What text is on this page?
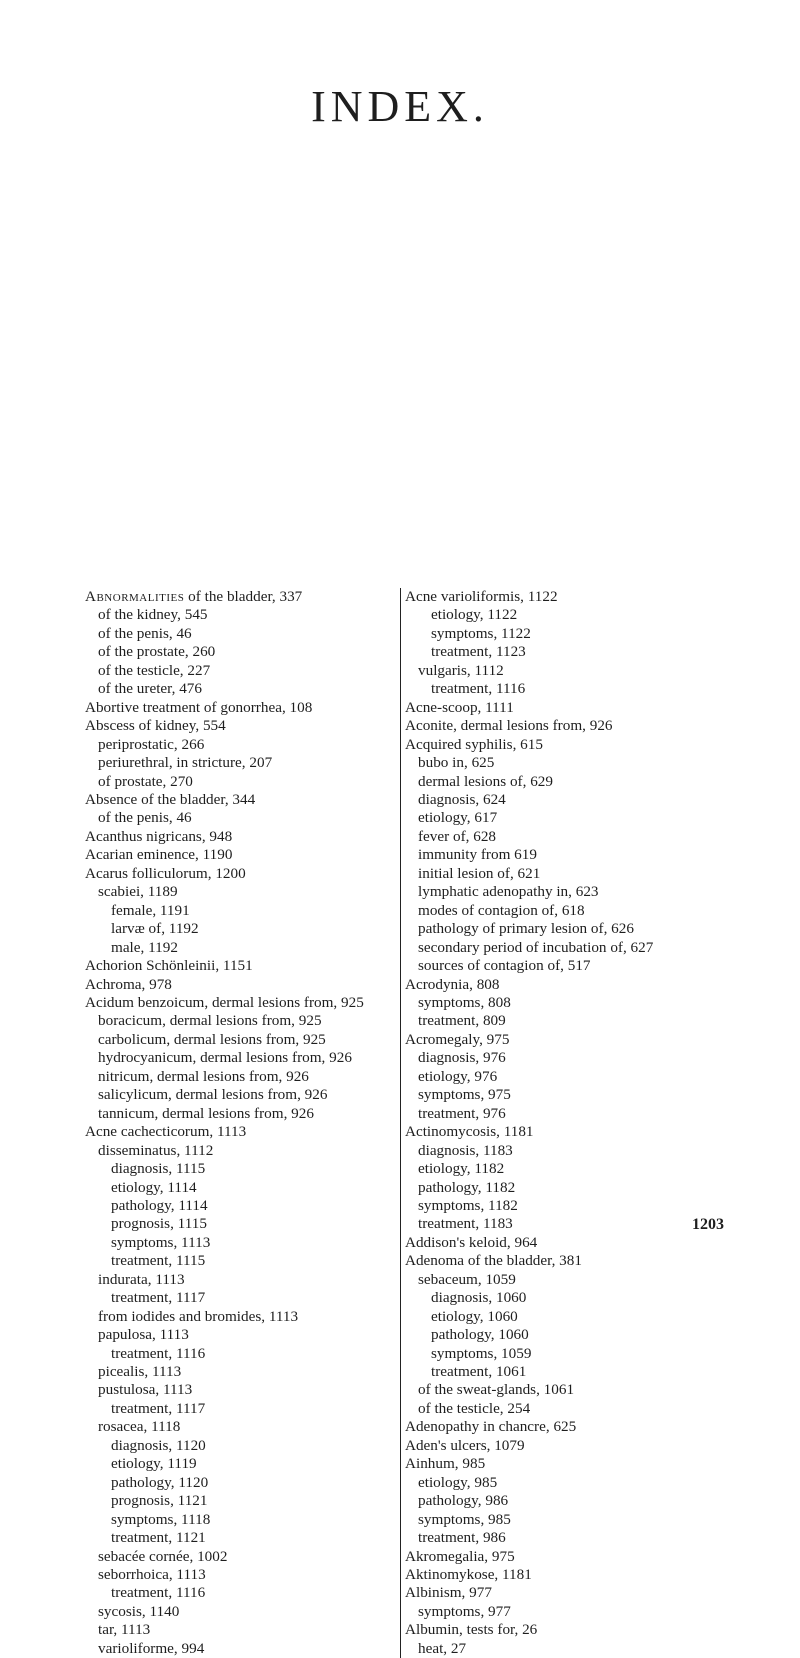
INDEX.
Abnormalities of the bladder, 337
of the kidney, 545
of the penis, 46
of the prostate, 260
of the testicle, 227
of the ureter, 476
Abortive treatment of gonorrhea, 108
Abscess of kidney, 554
periprostatic, 266
periurethral, in stricture, 207
of prostate, 270
Absence of the bladder, 344
of the penis, 46
Acanthus nigricans, 948
Acarian eminence, 1190
Acarus folliculorum, 1200
scabiei, 1189
female, 1191
larvæ of, 1192
male, 1192
Achorion Schönleinii, 1151
Achroma, 978
Acidum benzoicum, dermal lesions from, 925
boracicum, dermal lesions from, 925
carbolicum, dermal lesions from, 925
hydrocyanicum, dermal lesions from, 926
nitricum, dermal lesions from, 926
salicylicum, dermal lesions from, 926
tannicum, dermal lesions from, 926
Acne cachecticorum, 1113
disseminatus, 1112
diagnosis, 1115
etiology, 1114
pathology, 1114
prognosis, 1115
symptoms, 1113
treatment, 1115
indurata, 1113
treatment, 1117
from iodides and bromides, 1113
papulosa, 1113
treatment, 1116
picealis, 1113
pustulosa, 1113
treatment, 1117
rosacea, 1118
diagnosis, 1120
etiology, 1119
pathology, 1120
prognosis, 1121
symptoms, 1118
treatment, 1121
sebacée cornée, 1002
seborrhoica, 1113
treatment, 1116
sycosis, 1140
tar, 1113
varioliforme, 994
Acne varioliformis, 1122
etiology, 1122
symptoms, 1122
treatment, 1123
vulgaris, 1112
treatment, 1116
Acne-scoop, 1111
Aconite, dermal lesions from, 926
Acquired syphilis, 615
bubo in, 625
dermal lesions of, 629
diagnosis, 624
etiology, 617
fever of, 628
immunity from 619
initial lesion of, 621
lymphatic adenopathy in, 623
modes of contagion of, 618
pathology of primary lesion of, 626
secondary period of incubation of, 627
sources of contagion of, 517
Acrodynia, 808
symptoms, 808
treatment, 809
Acromegaly, 975
diagnosis, 976
etiology, 976
symptoms, 975
treatment, 976
Actinomycosis, 1181
diagnosis, 1183
etiology, 1182
pathology, 1182
symptoms, 1182
treatment, 1183
Addison's keloid, 964
Adenoma of the bladder, 381
sebaceum, 1059
diagnosis, 1060
etiology, 1060
pathology, 1060
symptoms, 1059
treatment, 1061
of the sweat-glands, 1061
of the testicle, 254
Adenopathy in chancre, 625
Aden's ulcers, 1079
Ainhum, 985
etiology, 985
pathology, 986
symptoms, 985
treatment, 986
Akromegalia, 975
Aktinomykose, 1181
Albinism, 977
symptoms, 977
Albumin, tests for, 26
heat, 27
1203
